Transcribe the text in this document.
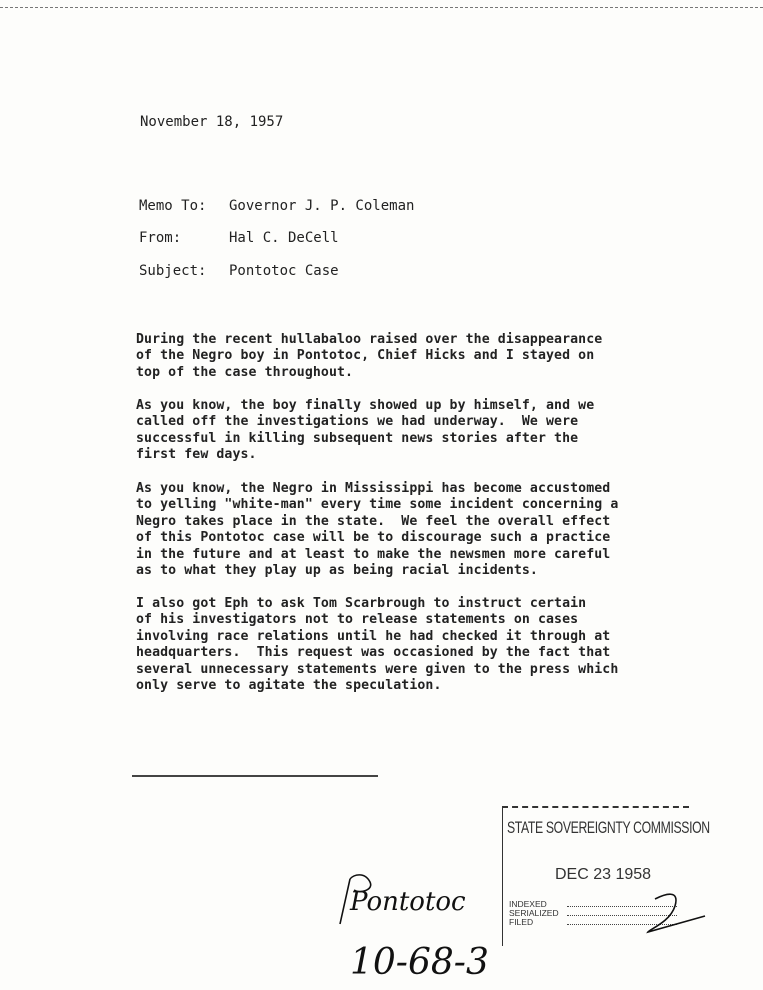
November 18, 1957
Memo To:	Governor J. P. Coleman
From:	Hal C. DeCell
Subject:	Pontotoc Case

During the recent hullabaloo raised over the disappearance
of the Negro boy in Pontotoc, Chief Hicks and I stayed on
top of the case throughout.

As you know, the boy finally showed up by himself, and we
called off the investigations we had underway.  We were
successful in killing subsequent news stories after the
first few days.

As you know, the Negro in Mississippi has become accustomed
to yelling "white-man" every time some incident concerning a
Negro takes place in the state.  We feel the overall effect
of this Pontotoc case will be to discourage such a practice
in the future and at least to make the newsmen more careful
as to what they play up as being racial incidents.

I also got Eph to ask Tom Scarbrough to instruct certain
of his investigators not to release statements on cases
involving race relations until he had checked it through at
headquarters.  This request was occasioned by the fact that
several unnecessary statements were given to the press which
only serve to agitate the speculation.

STATE SOVEREIGNTY COMMISSION
DEC 23 1958
INDEXED
SERIALIZED
FILED
Pontotoc
10-68-3
